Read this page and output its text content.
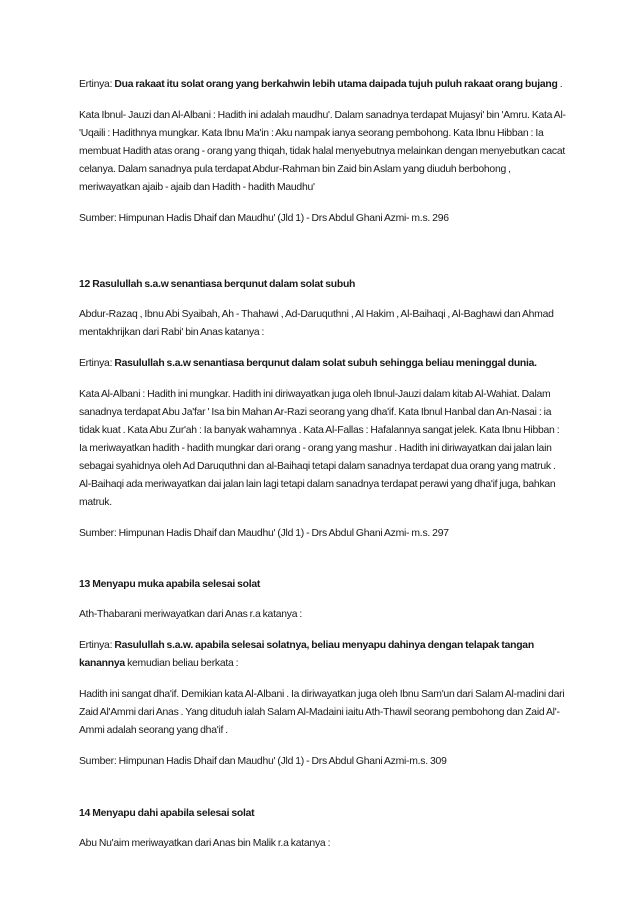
Ertinya: Dua rakaat itu solat orang yang berkahwin lebih utama daipada tujuh puluh rakaat orang bujang .

Kata Ibnul- Jauzi dan Al-Albani : Hadith ini adalah maudhu'. Dalam sanadnya terdapat Mujasyi' bin 'Amru. Kata Al-'Uqaili : Hadithnya mungkar. Kata Ibnu Ma'in : Aku nampak ianya seorang pembohong. Kata Ibnu Hibban : Ia membuat Hadith atas orang - orang yang thiqah, tidak halal menyebutnya melainkan dengan menyebutkan cacat celanya. Dalam sanadnya pula terdapat Abdur-Rahman bin Zaid bin Aslam yang diuduh berbohong , meriwayatkan ajaib - ajaib dan Hadith - hadith Maudhu'

Sumber: Himpunan Hadis Dhaif dan Maudhu' (Jld 1) - Drs Abdul Ghani Azmi- m.s. 296

12 Rasulullah s.a.w senantiasa berqunut dalam solat subuh

Abdur-Razaq , Ibnu Abi Syaibah, Ah - Thahawi , Ad-Daruquthni , Al Hakim , Al-Baihaqi , Al-Baghawi dan Ahmad mentakhrijkan dari Rabi' bin Anas katanya :

Ertinya: Rasulullah s.a.w senantiasa berqunut dalam solat subuh sehingga beliau meninggal dunia.

Kata Al-Albani : Hadith ini mungkar. Hadith ini diriwayatkan juga oleh Ibnul-Jauzi dalam kitab Al-Wahiat. Dalam sanadnya terdapat Abu Ja'far ' Isa bin Mahan Ar-Razi seorang yang dha'if. Kata Ibnul Hanbal dan An-Nasai : ia tidak kuat . Kata Abu Zur'ah : Ia banyak wahamnya . Kata Al-Fallas : Hafalannya sangat jelek. Kata Ibnu Hibban : Ia meriwayatkan hadith - hadith mungkar dari orang - orang yang mashur . Hadith ini diriwayatkan dai jalan lain sebagai syahidnya oleh Ad Daruquthni dan al-Baihaqi tetapi dalam sanadnya terdapat dua orang yang matruk . Al-Baihaqi ada meriwayatkan dai jalan lain lagi tetapi dalam sanadnya terdapat perawi yang dha'if juga, bahkan matruk.

Sumber: Himpunan Hadis Dhaif dan Maudhu' (Jld 1) - Drs Abdul Ghani Azmi- m.s. 297

13 Menyapu muka apabila selesai solat

Ath-Thabarani meriwayatkan dari Anas r.a katanya :

Ertinya: Rasulullah s.a.w. apabila selesai solatnya, beliau menyapu dahinya dengan telapak tangan kanannya kemudian beliau berkata :

Hadith ini sangat dha'if. Demikian kata Al-Albani . Ia diriwayatkan juga oleh Ibnu Sam'un dari Salam Al-madini dari Zaid Al'Ammi dari Anas . Yang dituduh ialah Salam Al-Madaini iaitu Ath-Thawil seorang pembohong dan Zaid Al'-Ammi adalah seorang yang dha'if .

Sumber: Himpunan Hadis Dhaif dan Maudhu' (Jld 1) - Drs Abdul Ghani Azmi-m.s. 309

14 Menyapu dahi apabila selesai solat

Abu Nu'aim meriwayatkan dari Anas bin Malik r.a katanya :
